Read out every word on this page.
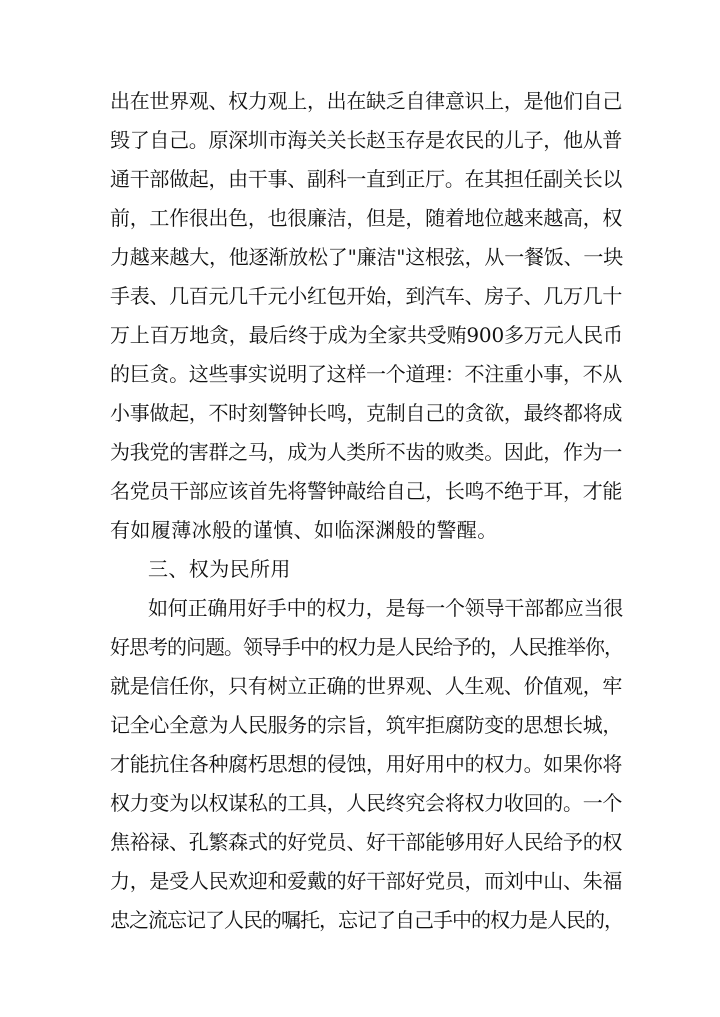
出在世界观、权力观上，出在缺乏自律意识上，是他们自己
毁了自己。原深圳市海关关长赵玉存是农民的儿子，他从普
通干部做起，由干事、副科一直到正厅。在其担任副关长以
前，工作很出色，也很廉洁，但是，随着地位越来越高，权
力越来越大，他逐渐放松了"廉洁"这根弦，从一餐饭、一块
手表、几百元几千元小红包开始，到汽车、房子、几万几十
万上百万地贪，最后终于成为全家共受贿900多万元人民币
的巨贪。这些事实说明了这样一个道理：不注重小事，不从
小事做起，不时刻警钟长鸣，克制自己的贪欲，最终都将成
为我党的害群之马，成为人类所不齿的败类。因此，作为一
名党员干部应该首先将警钟敲给自己，长鸣不绝于耳，才能
有如履薄冰般的谨慎、如临深渊般的警醒。
三、权为民所用
如何正确用好手中的权力，是每一个领导干部都应当很
好思考的问题。领导手中的权力是人民给予的，人民推举你，
就是信任你，只有树立正确的世界观、人生观、价值观，牢
记全心全意为人民服务的宗旨，筑牢拒腐防变的思想长城，
才能抗住各种腐朽思想的侵蚀，用好用中的权力。如果你将
权力变为以权谋私的工具，人民终究会将权力收回的。一个
焦裕禄、孔繁森式的好党员、好干部能够用好人民给予的权
力，是受人民欢迎和爱戴的好干部好党员，而刘中山、朱福
忠之流忘记了人民的嘱托，忘记了自己手中的权力是人民的，
